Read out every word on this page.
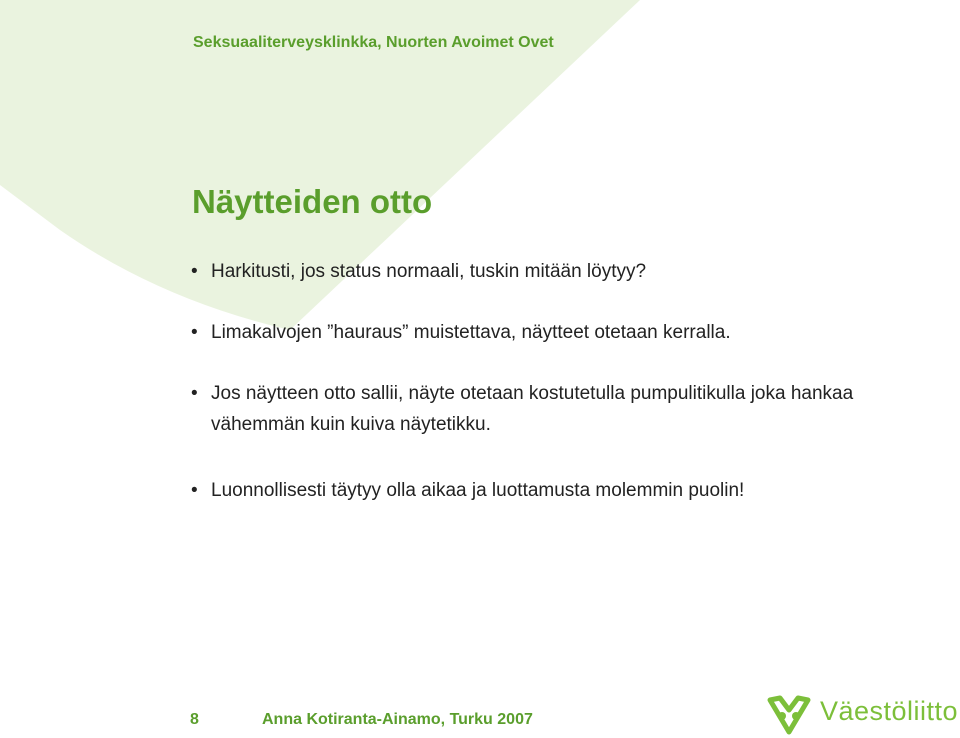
Seksuaaliterveysklinkka, Nuorten Avoimet Ovet

Näytteiden otto
• Harkitusti, jos status normaali, tuskin mitään löytyy?
• Limakalvojen ”hauraus” muistettava, näytteet otetaan kerralla.
• Jos näytteen otto sallii, näyte otetaan kostutetulla pumpulitikulla joka hankaa vähemmän kuin kuiva näytetikku.
• Luonnollisesti täytyy olla aikaa ja luottamusta molemmin puolin!
8	Anna Kotiranta-Ainamo, Turku 2007	Väestöliitto
